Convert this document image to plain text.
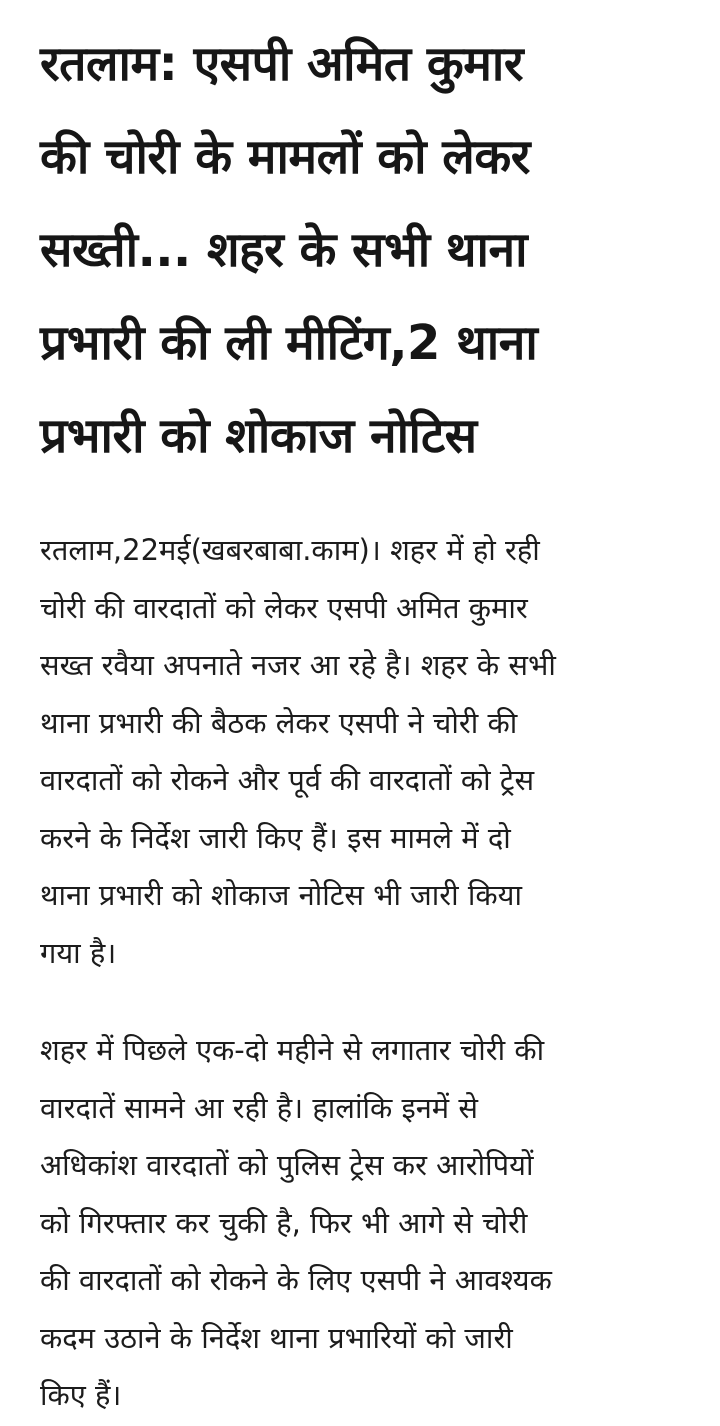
रतलाम: एसपी अमित कुमार
की चोरी के मामलों को लेकर
सख्ती... शहर के सभी थाना
प्रभारी की ली मीटिंग,2 थाना
प्रभारी को शोकाज नोटिस

रतलाम,22मई(खबरबाबा.काम)। शहर में हो रही
चोरी की वारदातों को लेकर एसपी अमित कुमार
सख्त रवैया अपनाते नजर आ रहे है। शहर के सभी
थाना प्रभारी की बैठक लेकर एसपी ने चोरी की
वारदातों को रोकने और पूर्व की वारदातों को ट्रेस
करने के निर्देश जारी किए हैं। इस मामले में दो
थाना प्रभारी को शोकाज नोटिस भी जारी किया
गया है।

शहर में पिछले एक-दो महीने से लगातार चोरी की
वारदातें सामने आ रही है। हालांकि इनमें से
अधिकांश वारदातों को पुलिस ट्रेस कर आरोपियों
को गिरफ्तार कर चुकी है, फिर भी आगे से चोरी
की वारदातों को रोकने के लिए एसपी ने आवश्यक
कदम उठाने के निर्देश थाना प्रभारियों को जारी
किए हैं।
